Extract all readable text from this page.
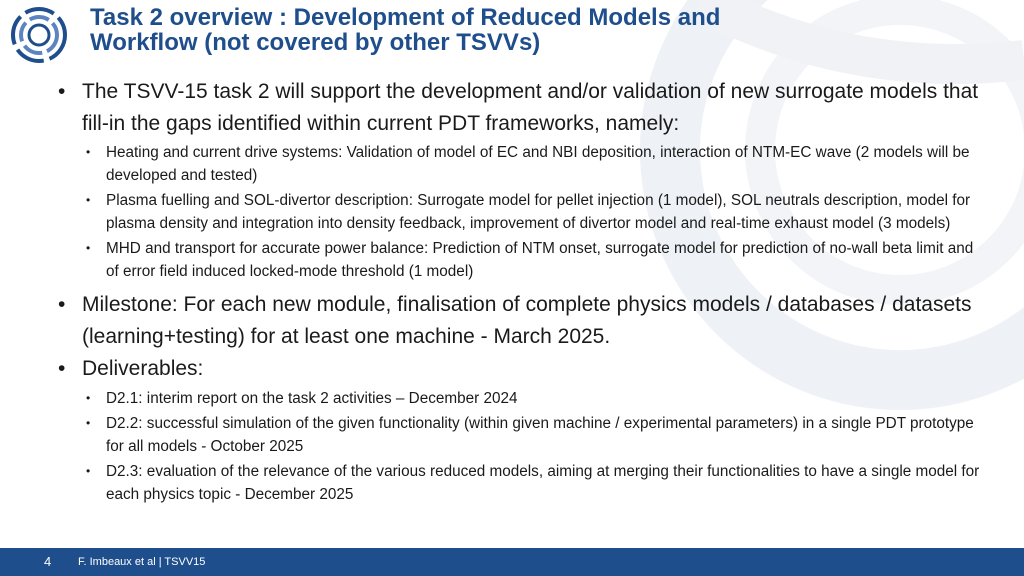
Task 2 overview : Development of Reduced Models and
Workflow (not covered by other TSVVs)
• The TSVV-15 task 2 will support the development and/or validation of new surrogate models that fill-in the gaps identified within current PDT frameworks, namely:
• Heating and current drive systems: Validation of model of EC and NBI deposition, interaction of NTM-EC wave (2 models will be developed and tested)
• Plasma fuelling and SOL-divertor description: Surrogate model for pellet injection (1 model), SOL neutrals description, model for plasma density and integration into density feedback, improvement of divertor model and real-time exhaust model (3 models)
• MHD and transport for accurate power balance: Prediction of NTM onset, surrogate model for prediction of no-wall beta limit and of error field induced locked-mode threshold (1 model)
• Milestone: For each new module, finalisation of complete physics models / databases / datasets (learning+testing) for at least one machine - March 2025.
• Deliverables:
• D2.1: interim report on the task 2 activities – December 2024
• D2.2: successful simulation of the given functionality (within given machine / experimental parameters) in a single PDT prototype for all models - October 2025
• D2.3: evaluation of the relevance of the various reduced models, aiming at merging their functionalities to have a single model for each physics topic - December 2025
4 F. Imbeaux et al | TSVV15
